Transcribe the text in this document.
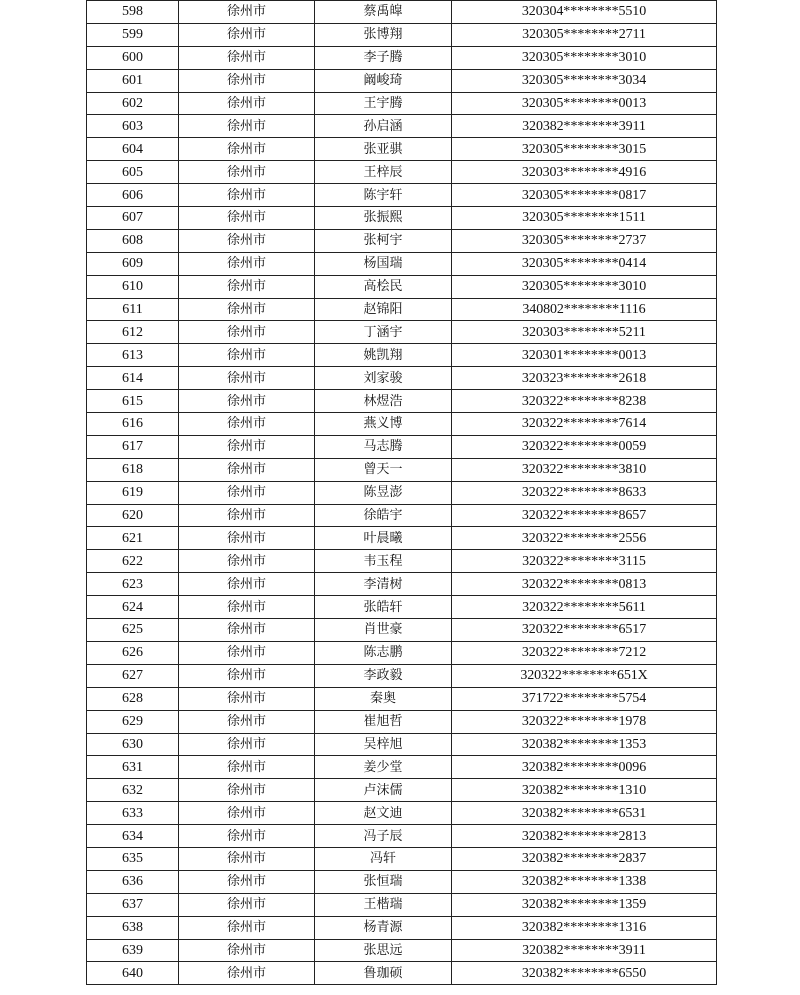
598	徐州市	蔡禹皡	320304********5510
599	徐州市	张博翔	320305********2711
600	徐州市	李子腾	320305********3010
601	徐州市	阚峻琦	320305********3034
602	徐州市	王宇腾	320305********0013
603	徐州市	孙启涵	320382********3911
604	徐州市	张亚骐	320305********3015
605	徐州市	王梓辰	320303********4916
606	徐州市	陈宇轩	320305********0817
607	徐州市	张振熙	320305********1511
608	徐州市	张柯宇	320305********2737
609	徐州市	杨国瑞	320305********0414
610	徐州市	高桧民	320305********3010
611	徐州市	赵锦阳	340802********1116
612	徐州市	丁涵宇	320303********5211
613	徐州市	姚凯翔	320301********0013
614	徐州市	刘家骏	320323********2618
615	徐州市	林煜浩	320322********8238
616	徐州市	燕义博	320322********7614
617	徐州市	马志腾	320322********0059
618	徐州市	曾天一	320322********3810
619	徐州市	陈昱澎	320322********8633
620	徐州市	徐皓宇	320322********8657
621	徐州市	叶晨曦	320322********2556
622	徐州市	韦玉程	320322********3115
623	徐州市	李清树	320322********0813
624	徐州市	张皓轩	320322********5611
625	徐州市	肖世豪	320322********6517
626	徐州市	陈志鹏	320322********7212
627	徐州市	李政毅	320322********651X
628	徐州市	秦奥	371722********5754
629	徐州市	崔旭哲	320322********1978
630	徐州市	吴梓旭	320382********1353
631	徐州市	姜少堂	320382********0096
632	徐州市	卢沫儒	320382********1310
633	徐州市	赵文迪	320382********6531
634	徐州市	冯子辰	320382********2813
635	徐州市	冯轩	320382********2837
636	徐州市	张恒瑞	320382********1338
637	徐州市	王楷瑞	320382********1359
638	徐州市	杨青源	320382********1316
639	徐州市	张思远	320382********3911
640	徐州市	鲁珈硕	320382********6550
